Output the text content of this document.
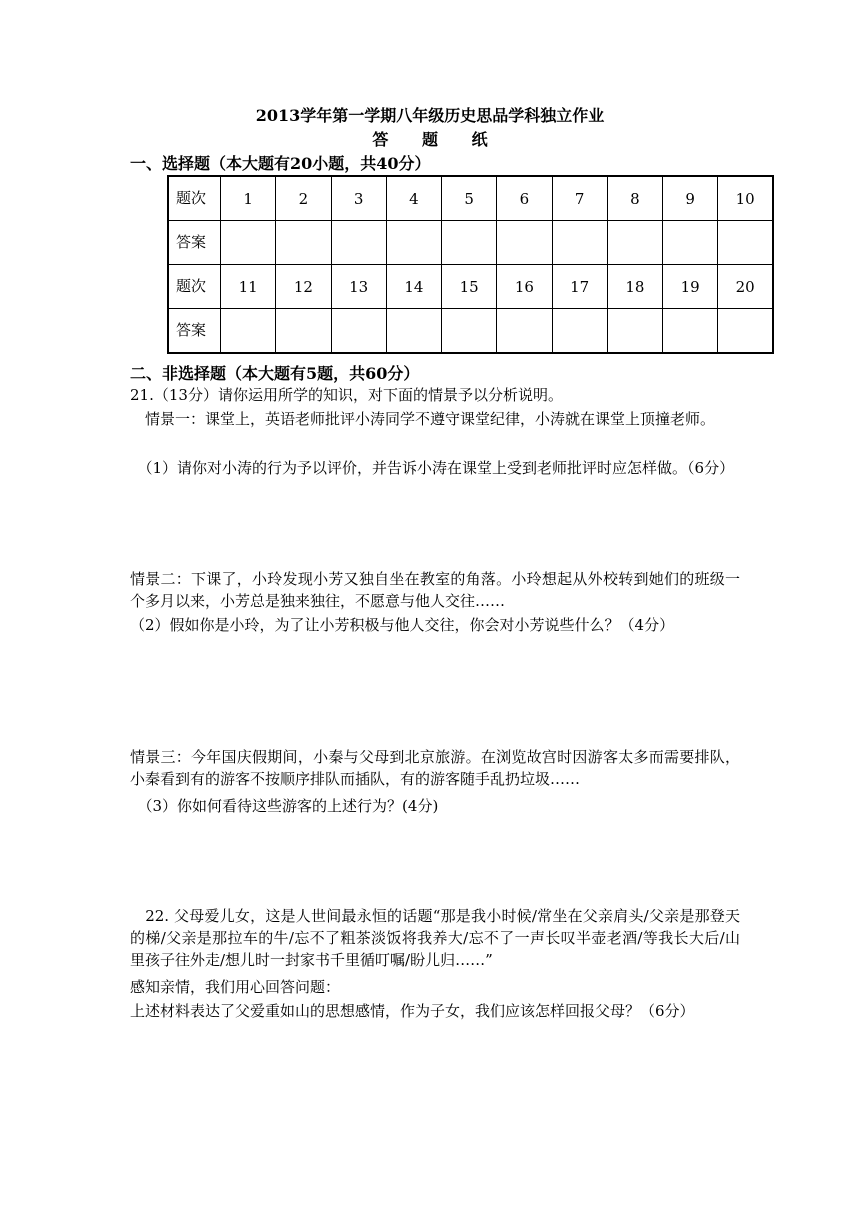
2013学年第一学期八年级历史思品学科独立作业

答 题 纸

一、选择题（本大题有20小题，共40分）

题次	1	2	3	4	5	6	7	8	9	10
答案										
题次	11	12	13	14	15	16	17	18	19	20
答案										

二、非选择题（本大题有5题，共60分）

21.（13分）请你运用所学的知识，对下面的情景予以分析说明。

　情景一：课堂上，英语老师批评小涛同学不遵守课堂纪律，小涛就在课堂上顶撞老师。

　（1）请你对小涛的行为予以评价，并告诉小涛在课堂上受到老师批评时应怎样做。（6分）

情景二：下课了，小玲发现小芳又独自坐在教室的角落。小玲想起从外校转到她们的班级一个多月以来，小芳总是独来独往，不愿意与他人交往……

（2）假如你是小玲，为了让小芳积极与他人交往，你会对小芳说些什么？（4分）

情景三：今年国庆假期间，小秦与父母到北京旅游。在浏览故宫时因游客太多而需要排队，小秦看到有的游客不按顺序排队而插队，有的游客随手乱扔垃圾……

　（3）你如何看待这些游客的上述行为？(4分)

　22. 父母爱儿女，这是人世间最永恒的话题“那是我小时候/常坐在父亲肩头/父亲是那登天的梯/父亲是那拉车的牛/忘不了粗茶淡饭将我养大/忘不了一声长叹半壶老酒/等我长大后/山里孩子往外走/想儿时一封家书千里循叮嘱/盼儿归……”

感知亲情，我们用心回答问题：

上述材料表达了父爱重如山的思想感情，作为子女，我们应该怎样回报父母？（6分）
